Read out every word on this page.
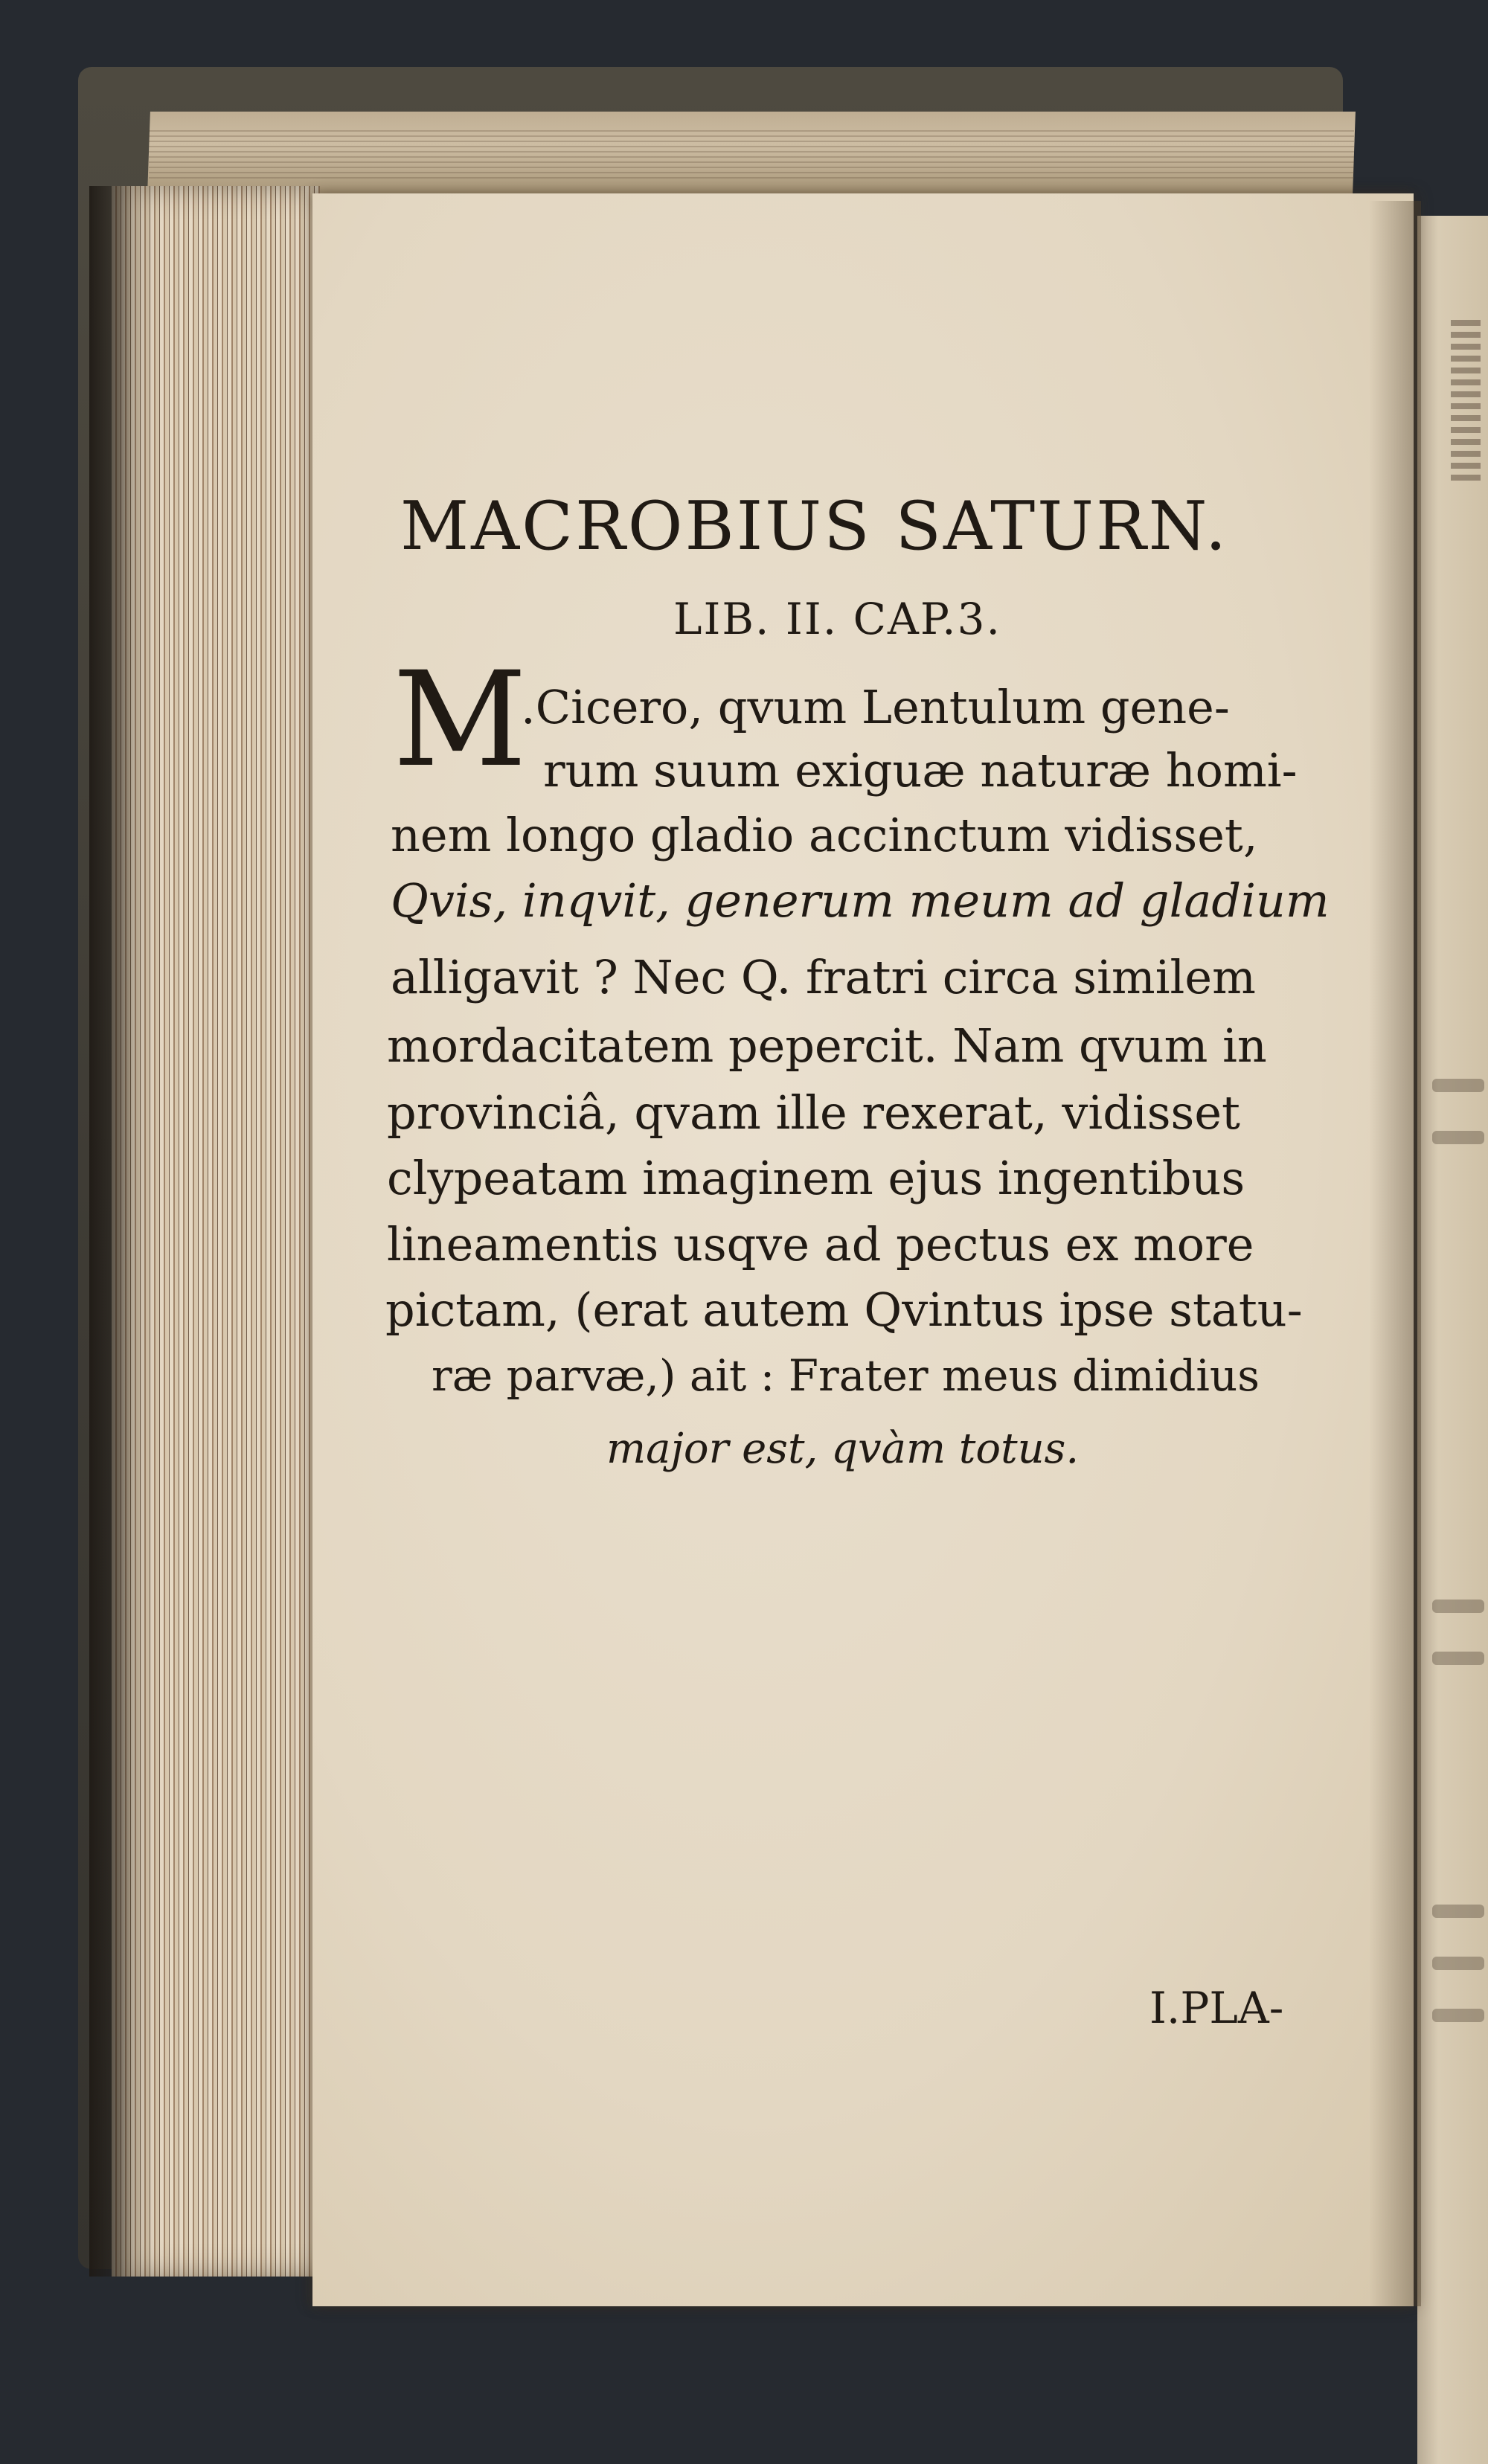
MACROBIUS SATURN.
LIB. II. CAP.3.
M
.Cicero, qvum Lentulum gene-
rum suum exiguæ naturæ homi-
nem longo gladio accinctum vidisset,
Qvis, inqvit, generum meum ad gladium
alligavit ? Nec Q. fratri circa similem
mordacitatem pepercit. Nam qvum in
provinciâ, qvam ille rexerat, vidisset
clypeatam imaginem ejus ingentibus
lineamentis usqve ad pectus ex more
pictam, (erat autem Qvintus ipse statu-
ræ parvæ,) ait : Frater meus dimidius
major est, qvàm totus.
I.PLA-
